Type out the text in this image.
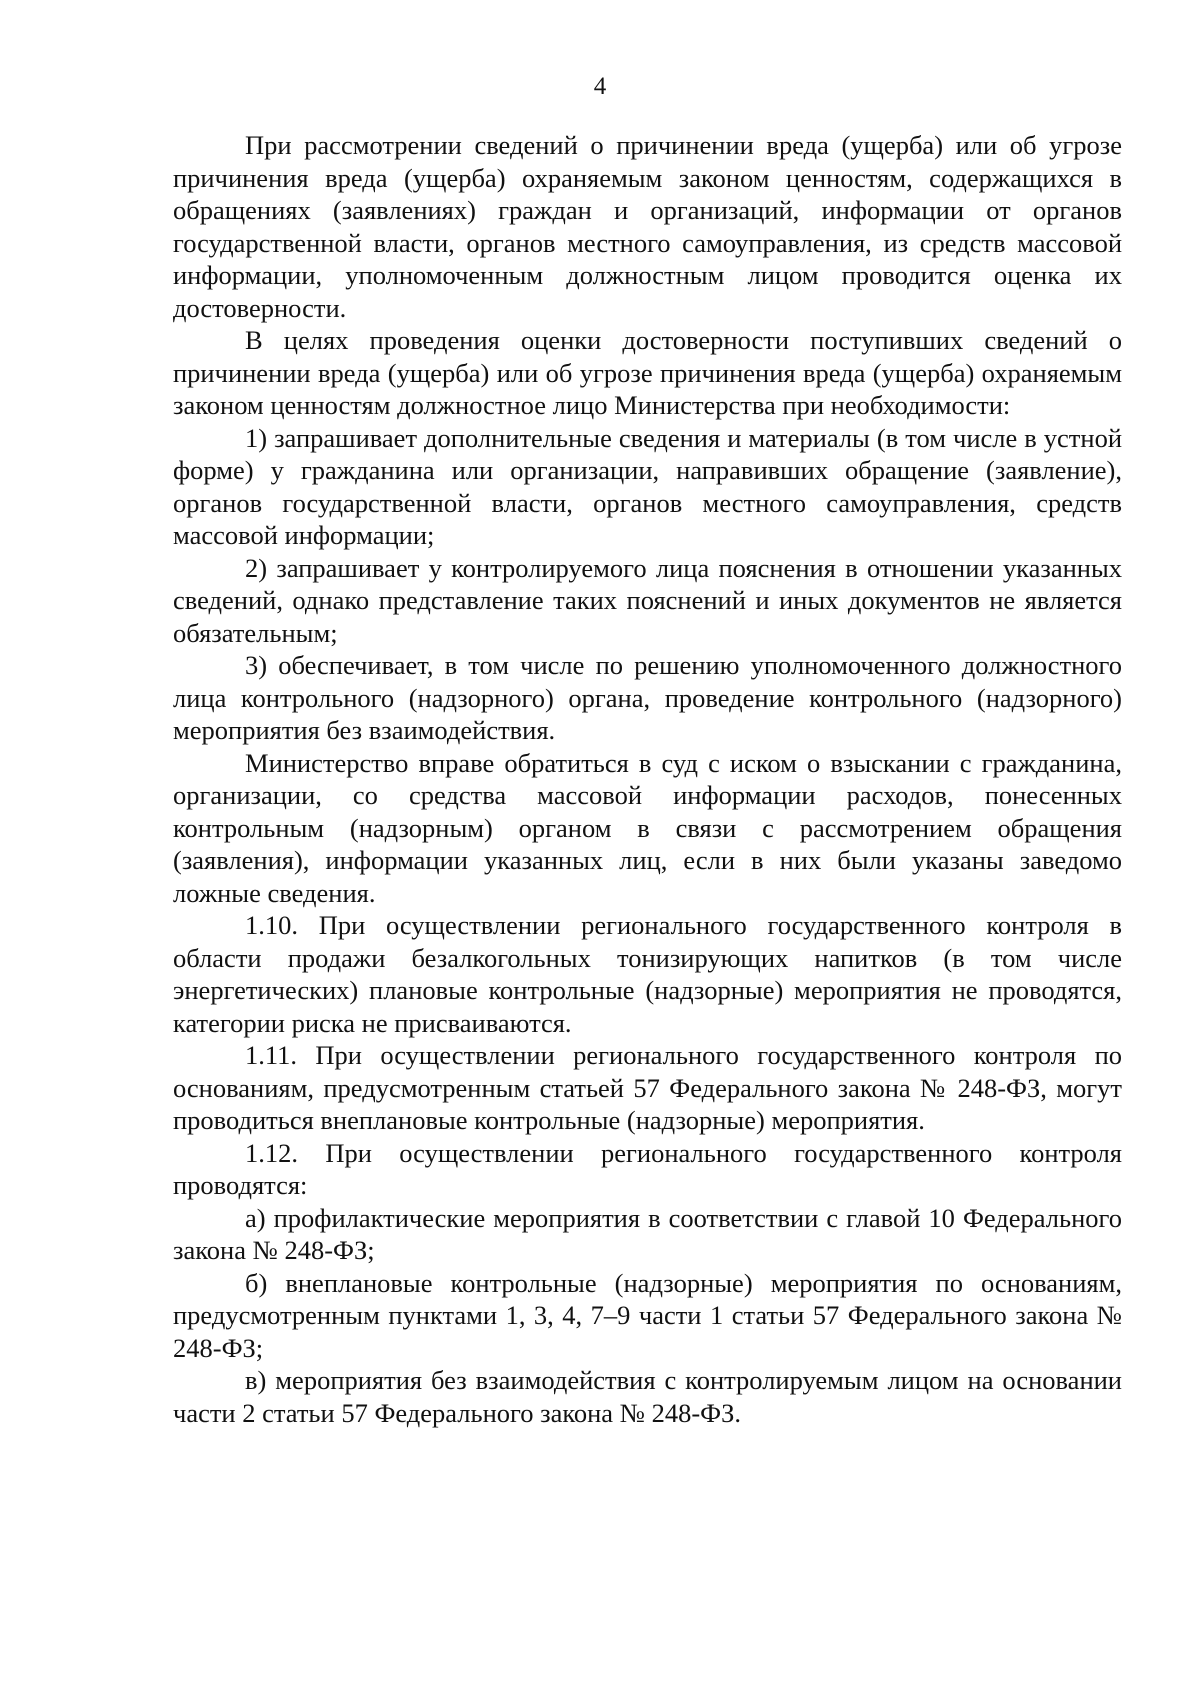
4

При рассмотрении сведений о причинении вреда (ущерба) или об угрозе причинения вреда (ущерба) охраняемым законом ценностям, содержащихся в обращениях (заявлениях) граждан и организаций, информации от органов государственной власти, органов местного самоуправления, из средств массовой информации, уполномоченным должностным лицом проводится оценка их достоверности.

В целях проведения оценки достоверности поступивших сведений о причинении вреда (ущерба) или об угрозе причинения вреда (ущерба) охраняемым законом ценностям должностное лицо Министерства при необходимости:

1) запрашивает дополнительные сведения и материалы (в том числе в устной форме) у гражданина или организации, направивших обращение (заявление), органов государственной власти, органов местного самоуправления, средств массовой информации;

2) запрашивает у контролируемого лица пояснения в отношении указанных сведений, однако представление таких пояснений и иных документов не является обязательным;

3) обеспечивает, в том числе по решению уполномоченного должностного лица контрольного (надзорного) органа, проведение контрольного (надзорного) мероприятия без взаимодействия.

Министерство вправе обратиться в суд с иском о взыскании с гражданина, организации, со средства массовой информации расходов, понесенных контрольным (надзорным) органом в связи с рассмотрением обращения (заявления), информации указанных лиц, если в них были указаны заведомо ложные сведения.

1.10. При осуществлении регионального государственного контроля в области продажи безалкогольных тонизирующих напитков (в том числе энергетических) плановые контрольные (надзорные) мероприятия не проводятся, категории риска не присваиваются.

1.11. При осуществлении регионального государственного контроля по основаниям, предусмотренным статьей 57 Федерального закона № 248-ФЗ, могут проводиться внеплановые контрольные (надзорные) мероприятия.

1.12. При осуществлении регионального государственного контроля проводятся:

а) профилактические мероприятия в соответствии с главой 10 Федерального закона № 248-ФЗ;

б) внеплановые контрольные (надзорные) мероприятия по основаниям, предусмотренным пунктами 1, 3, 4, 7–9 части 1 статьи 57 Федерального закона № 248-ФЗ;

в) мероприятия без взаимодействия с контролируемым лицом на основании части 2 статьи 57 Федерального закона № 248-ФЗ.
